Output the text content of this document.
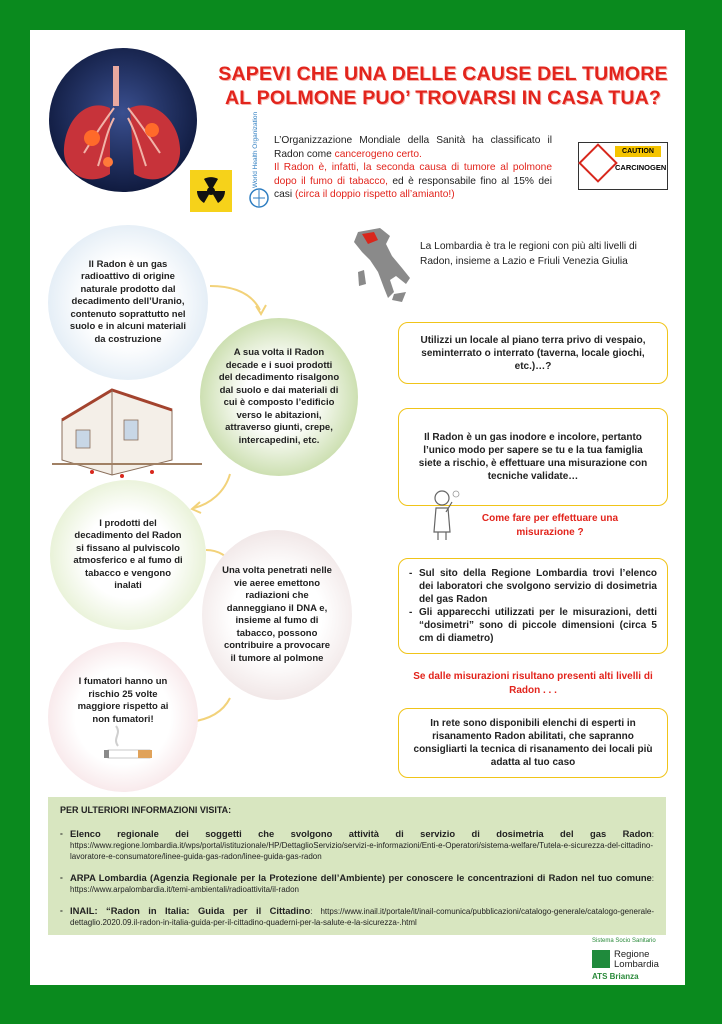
SAPEVI CHE UNA DELLE CAUSE DEL TUMORE
AL POLMONE PUO’ TROVARSI IN CASA TUA?
World Health Organization	L’Organizzazione Mondiale della Sanità ha classificato il Radon come cancerogeno certo.
Il Radon è, infatti, la seconda causa di tumore al polmone dopo il fumo di tabacco, ed è responsabile fino al 15% dei casi (circa il doppio rispetto all’amianto!)
CAUTION
CARCINOGEN
La Lombardia è tra le regioni con più alti livelli di Radon, insieme a Lazio e Friuli Venezia Giulia
Il Radon è un gas radioattivo di origine naturale prodotto dal decadimento dell’Uranio, contenuto soprattutto nel suolo e in alcuni materiali da costruzione
A sua volta il Radon decade e i suoi prodotti del decadimento risalgono dal suolo e dai materiali di cui è composto l’edificio verso le abitazioni, attraverso giunti, crepe, intercapedini, etc.
I prodotti del decadimento del Radon si fissano al pulviscolo atmosferico e al fumo di tabacco e vengono inalati
Una volta penetrati nelle vie aeree emettono radiazioni che danneggiano il DNA e, insieme al fumo di tabacco, possono contribuire a provocare il tumore al polmone
I fumatori hanno un rischio 25 volte maggiore rispetto ai non fumatori!
Utilizzi un locale al piano terra privo di vespaio, seminterrato o interrato (taverna, locale giochi, etc.)…?
Il Radon è un gas inodore e incolore, pertanto l’unico modo per sapere se tu e la tua famiglia siete a rischio, è effettuare una misurazione con tecniche validate…
Come fare per effettuare una misurazione ?
- Sul sito della Regione Lombardia trovi l’elenco dei laboratori che svolgono servizio di dosimetria del gas Radon
- Gli apparecchi utilizzati per le misurazioni, detti “dosimetri” sono di piccole dimensioni (circa 5 cm di diametro)
Se dalle misurazioni risultano presenti alti livelli di Radon . . .
In rete sono disponibili elenchi di esperti in risanamento Radon abilitati, che sapranno consigliarti la tecnica di risanamento dei locali più adatta al tuo caso
PER ULTERIORI INFORMAZIONI VISITA:
- Elenco regionale dei soggetti che svolgono attività di servizio di dosimetria del gas Radon: https://www.regione.lombardia.it/wps/portal/istituzionale/HP/DettaglioServizio/servizi-e-informazioni/Enti-e-Operatori/sistema-welfare/Tutela-e-sicurezza-del-cittadino-lavoratore-e-consumatore/linee-guida-gas-radon/linee-guida-gas-radon
- ARPA Lombardia (Agenzia Regionale per la Protezione dell’Ambiente) per conoscere le concentrazioni di Radon nel tuo comune: https://www.arpalombardia.it/temi-ambientali/radioattivita/il-radon
- INAIL: “Radon in Italia: Guida per il Cittadino: https://www.inail.it/portale/it/inail-comunica/pubblicazioni/catalogo-generale/catalogo-generale-dettaglio.2020.09.il-radon-in-italia-guida-per-il-cittadino-quaderni-per-la-salute-e-la-sicurezza-.html
Sistema Socio Sanitario
Regione
Lombardia
ATS Brianza
